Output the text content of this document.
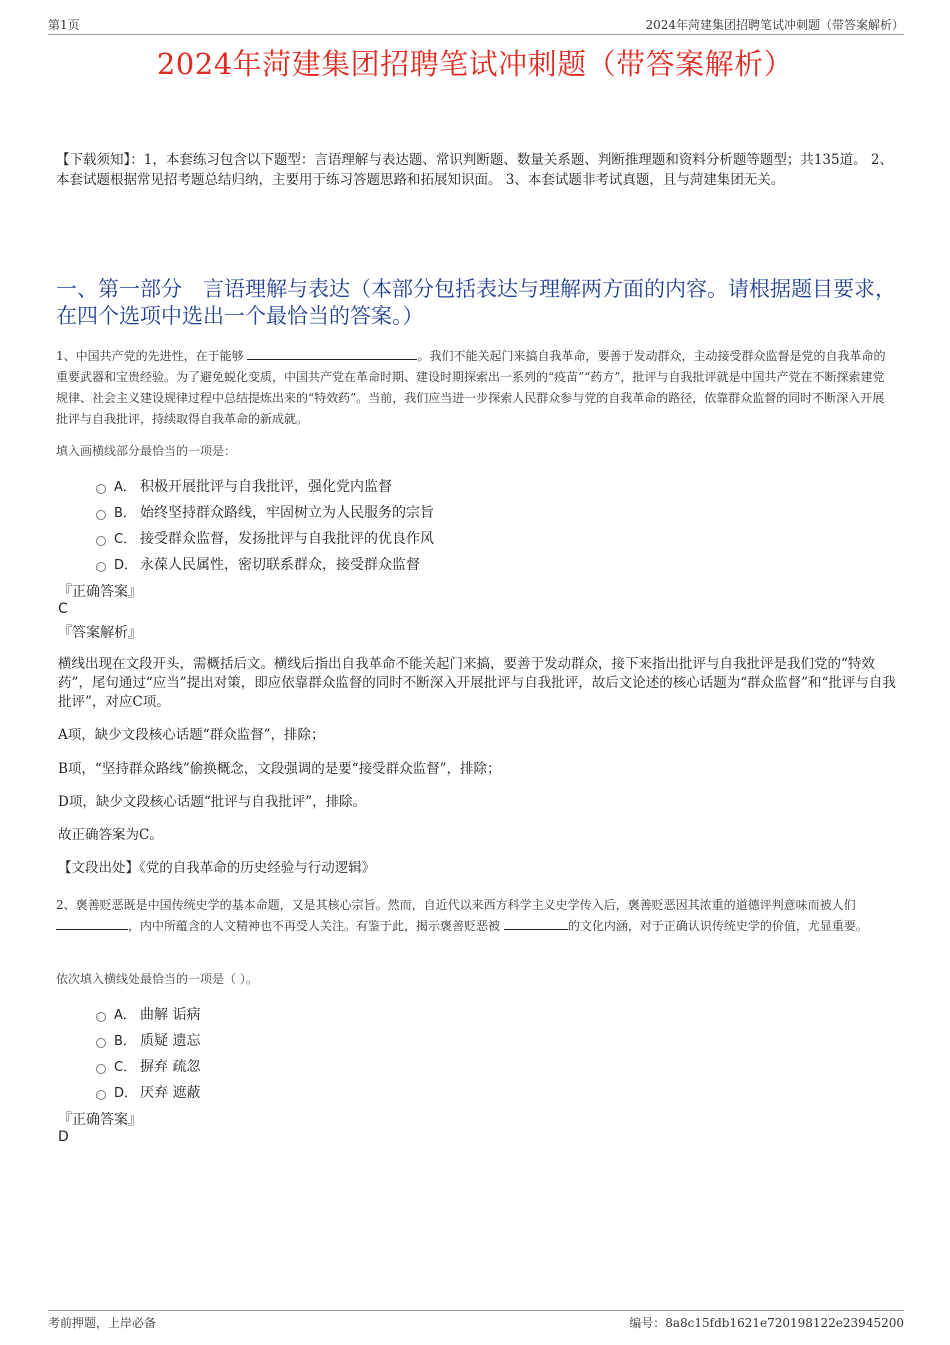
第1页	2024年菏建集团招聘笔试冲刺题（带答案解析）
2024年菏建集团招聘笔试冲刺题（带答案解析）
【下载须知】：1，本套练习包含以下题型：言语理解与表达题、常识判断题、数量关系题、判断推理题和资料分析题等题型；共135道。 2、本套试题根据常见招考题总结归纳，主要用于练习答题思路和拓展知识面。 3、本套试题非考试真题，且与菏建集团无关。
一、第一部分　言语理解与表达（本部分包括表达与理解两方面的内容。请根据题目要求，在四个选项中选出一个最恰当的答案。）
1、中国共产党的先进性，在于能够	。我们不能关起门来搞自我革命，要善于发动群众，主动接受群众监督是党的自我革命的重要武器和宝贵经验。为了避免蜕化变质，中国共产党在革命时期、建设时期探索出一系列的“疫苗”“药方”，批评与自我批评就是中国共产党在不断探索建党规律、社会主义建设规律过程中总结提炼出来的“特效药”。当前，我们应当进一步探索人民群众参与党的自我革命的路径，依靠群众监督的同时不断深入开展批评与自我批评，持续取得自我革命的新成就。
填入画横线部分最恰当的一项是：
A． 积极开展批评与自我批评，强化党内监督
B． 始终坚持群众路线，牢固树立为人民服务的宗旨
C． 接受群众监督，发扬批评与自我批评的优良作风
D． 永葆人民属性，密切联系群众，接受群众监督
『正确答案』
C
『答案解析』
横线出现在文段开头，需概括后文。横线后指出自我革命不能关起门来搞，要善于发动群众，接下来指出批评与自我批评是我们党的“特效药”，尾句通过“应当”提出对策，即应依靠群众监督的同时不断深入开展批评与自我批评，故后文论述的核心话题为“群众监督”和“批评与自我批评”，对应C项。
A项，缺少文段核心话题“群众监督”，排除；
B项，“坚持群众路线”偷换概念，文段强调的是要“接受群众监督”，排除；
D项，缺少文段核心话题“批评与自我批评”，排除。
故正确答案为C。
【文段出处】《党的自我革命的历史经验与行动逻辑》
2、褒善贬恶既是中国传统史学的基本命题，又是其核心宗旨。然而，自近代以来西方科学主义史学传入后，褒善贬恶因其浓重的道德评判意味而被人们 ，内中所蕴含的人文精神也不再受人关注。有鉴于此，揭示褒善贬恶被	的文化内涵，对于正确认识传统史学的价值，尤显重要。
依次填入横线处最恰当的一项是（ ）。
A． 曲解 诟病
B． 质疑 遗忘
C． 摒弃 疏忽
D． 厌弃 遮蔽
『正确答案』
D
考前押题，上岸必备	编号：8a8c15fdb1621e720198122e23945200
